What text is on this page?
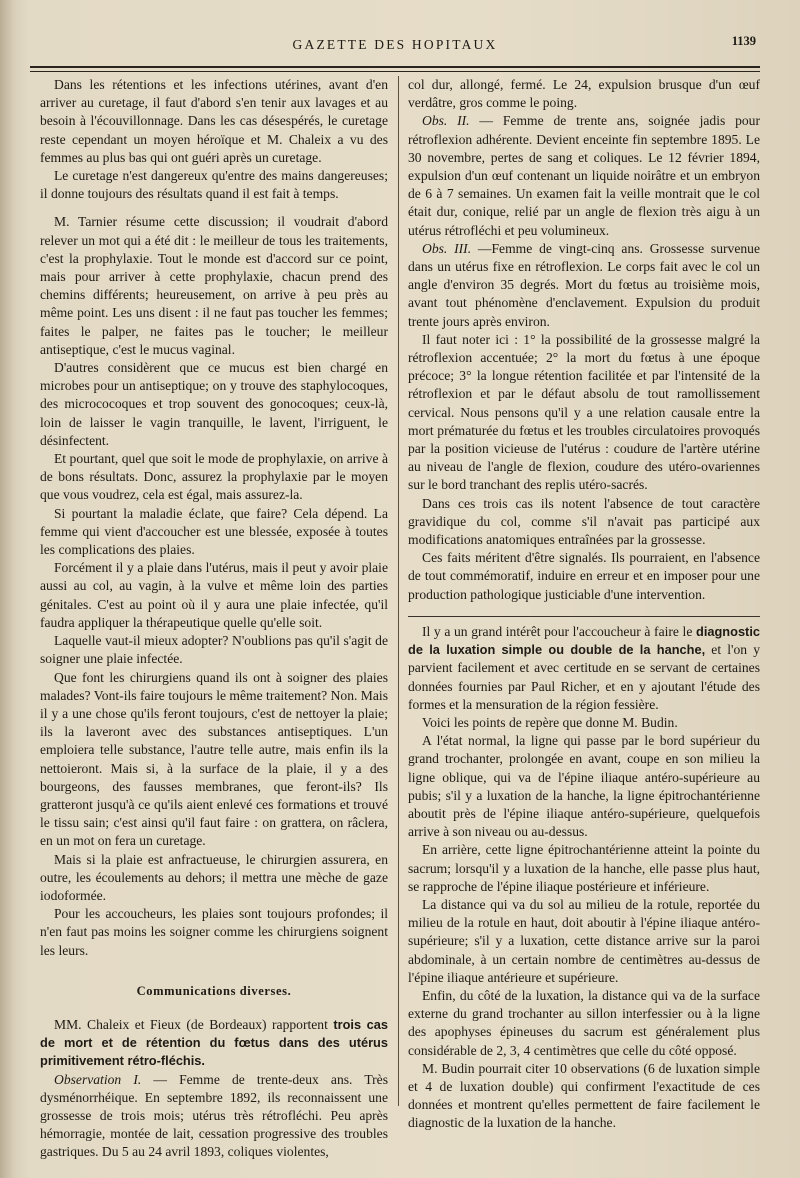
GAZETTE DES HOPITAUX	1139

Dans les rétentions et les infections utérines, avant d'en arriver au curetage, il faut d'abord s'en tenir aux lavages et au besoin à l'écouvillonnage. Dans les cas désespérés, le curetage reste cependant un moyen héroïque et M. Chaleix a vu des femmes au plus bas qui ont guéri après un curetage.

Le curetage n'est dangereux qu'entre des mains dangereuses; il donne toujours des résultats quand il est fait à temps.

M. Tarnier résume cette discussion; il voudrait d'abord relever un mot qui a été dit : le meilleur de tous les traitements, c'est la prophylaxie. Tout le monde est d'accord sur ce point, mais pour arriver à cette prophylaxie, chacun prend des chemins différents; heureusement, on arrive à peu près au même point. Les uns disent : il ne faut pas toucher les femmes; faites le palper, ne faites pas le toucher; le meilleur antiseptique, c'est le mucus vaginal.

D'autres considèrent que ce mucus est bien chargé en microbes pour un antiseptique; on y trouve des staphylocoques, des micrococoques et trop souvent des gonocoques; ceux-là, loin de laisser le vagin tranquille, le lavent, l'irriguent, le désinfectent.

Et pourtant, quel que soit le mode de prophylaxie, on arrive à de bons résultats. Donc, assurez la prophylaxie par le moyen que vous voudrez, cela est égal, mais assurez-la.

Si pourtant la maladie éclate, que faire? Cela dépend. La femme qui vient d'accoucher est une blessée, exposée à toutes les complications des plaies.

Forcément il y a plaie dans l'utérus, mais il peut y avoir plaie aussi au col, au vagin, à la vulve et même loin des parties génitales. C'est au point où il y aura une plaie infectée, qu'il faudra appliquer la thérapeutique quelle qu'elle soit.

Laquelle vaut-il mieux adopter? N'oublions pas qu'il s'agit de soigner une plaie infectée.

Que font les chirurgiens quand ils ont à soigner des plaies malades? Vont-ils faire toujours le même traitement? Non. Mais il y a une chose qu'ils feront toujours, c'est de nettoyer la plaie; ils la laveront avec des substances antiseptiques. L'un emploiera telle substance, l'autre telle autre, mais enfin ils la nettoieront. Mais si, à la surface de la plaie, il y a des bourgeons, des fausses membranes, que feront-ils? Ils gratteront jusqu'à ce qu'ils aient enlevé ces formations et trouvé le tissu sain; c'est ainsi qu'il faut faire : on grattera, on râclera, en un mot on fera un curetage.

Mais si la plaie est anfractueuse, le chirurgien assurera, en outre, les écoulements au dehors; il mettra une mèche de gaze iodoformée.

Pour les accoucheurs, les plaies sont toujours profondes; il n'en faut pas moins les soigner comme les chirurgiens soignent les leurs.

Communications diverses.

MM. Chaleix et Fieux (de Bordeaux) rapportent trois cas de mort et de rétention du fœtus dans des utérus primitivement rétro-fléchis.

Observation I. — Femme de trente-deux ans. Très dysménorrhéique. En septembre 1892, ils reconnaissent une grossesse de trois mois; utérus très rétrofléchi. Peu après hémorragie, montée de lait, cessation progressive des troubles gastriques. Du 5 au 24 avril 1893, coliques violentes,

col dur, allongé, fermé. Le 24, expulsion brusque d'un œuf verdâtre, gros comme le poing.

Obs. II. — Femme de trente ans, soignée jadis pour rétroflexion adhérente. Devient enceinte fin septembre 1895. Le 30 novembre, pertes de sang et coliques. Le 12 février 1894, expulsion d'un œuf contenant un liquide noirâtre et un embryon de 6 à 7 semaines. Un examen fait la veille montrait que le col était dur, conique, relié par un angle de flexion très aigu à un utérus rétrofléchi et peu volumineux.

Obs. III. —Femme de vingt-cinq ans. Grossesse survenue dans un utérus fixe en rétroflexion. Le corps fait avec le col un angle d'environ 35 degrés. Mort du fœtus au troisième mois, avant tout phénomène d'enclavement. Expulsion du produit trente jours après environ.

Il faut noter ici : 1° la possibilité de la grossesse malgré la rétroflexion accentuée; 2° la mort du fœtus à une époque précoce; 3° la longue rétention facilitée et par l'intensité de la rétroflexion et par le défaut absolu de tout ramollissement cervical. Nous pensons qu'il y a une relation causale entre la mort prématurée du fœtus et les troubles circulatoires provoqués par la position vicieuse de l'utérus : coudure de l'artère utérine au niveau de l'angle de flexion, coudure des utéro-ovariennes sur le bord tranchant des replis utéro-sacrés.

Dans ces trois cas ils notent l'absence de tout caractère gravidique du col, comme s'il n'avait pas participé aux modifications anatomiques entraînées par la grossesse.

Ces faits méritent d'être signalés. Ils pourraient, en l'absence de tout commémoratif, induire en erreur et en imposer pour une production pathologique justiciable d'une intervention.

Il y a un grand intérêt pour l'accoucheur à faire le diagnostic de la luxation simple ou double de la hanche, et l'on y parvient facilement et avec certitude en se servant de certaines données fournies par Paul Richer, et en y ajoutant l'étude des formes et la mensuration de la région fessière.

Voici les points de repère que donne M. Budin.

A l'état normal, la ligne qui passe par le bord supérieur du grand trochanter, prolongée en avant, coupe en son milieu la ligne oblique, qui va de l'épine iliaque antéro-supérieure au pubis; s'il y a luxation de la hanche, la ligne épitrochantérienne aboutit près de l'épine iliaque antéro-supérieure, quelquefois arrive à son niveau ou au-dessus.

En arrière, cette ligne épitrochantérienne atteint la pointe du sacrum; lorsqu'il y a luxation de la hanche, elle passe plus haut, se rapproche de l'épine iliaque postérieure et inférieure.

La distance qui va du sol au milieu de la rotule, reportée du milieu de la rotule en haut, doit aboutir à l'épine iliaque antéro-supérieure; s'il y a luxation, cette distance arrive sur la paroi abdominale, à un certain nombre de centimètres au-dessus de l'épine iliaque antérieure et supérieure.

Enfin, du côté de la luxation, la distance qui va de la surface externe du grand trochanter au sillon interfessier ou à la ligne des apophyses épineuses du sacrum est généralement plus considérable de 2, 3, 4 centimètres que celle du côté opposé.

M. Budin pourrait citer 10 observations (6 de luxation simple et 4 de luxation double) qui confirment l'exactitude de ces données et montrent qu'elles permettent de faire facilement le diagnostic de la luxation de la hanche.
